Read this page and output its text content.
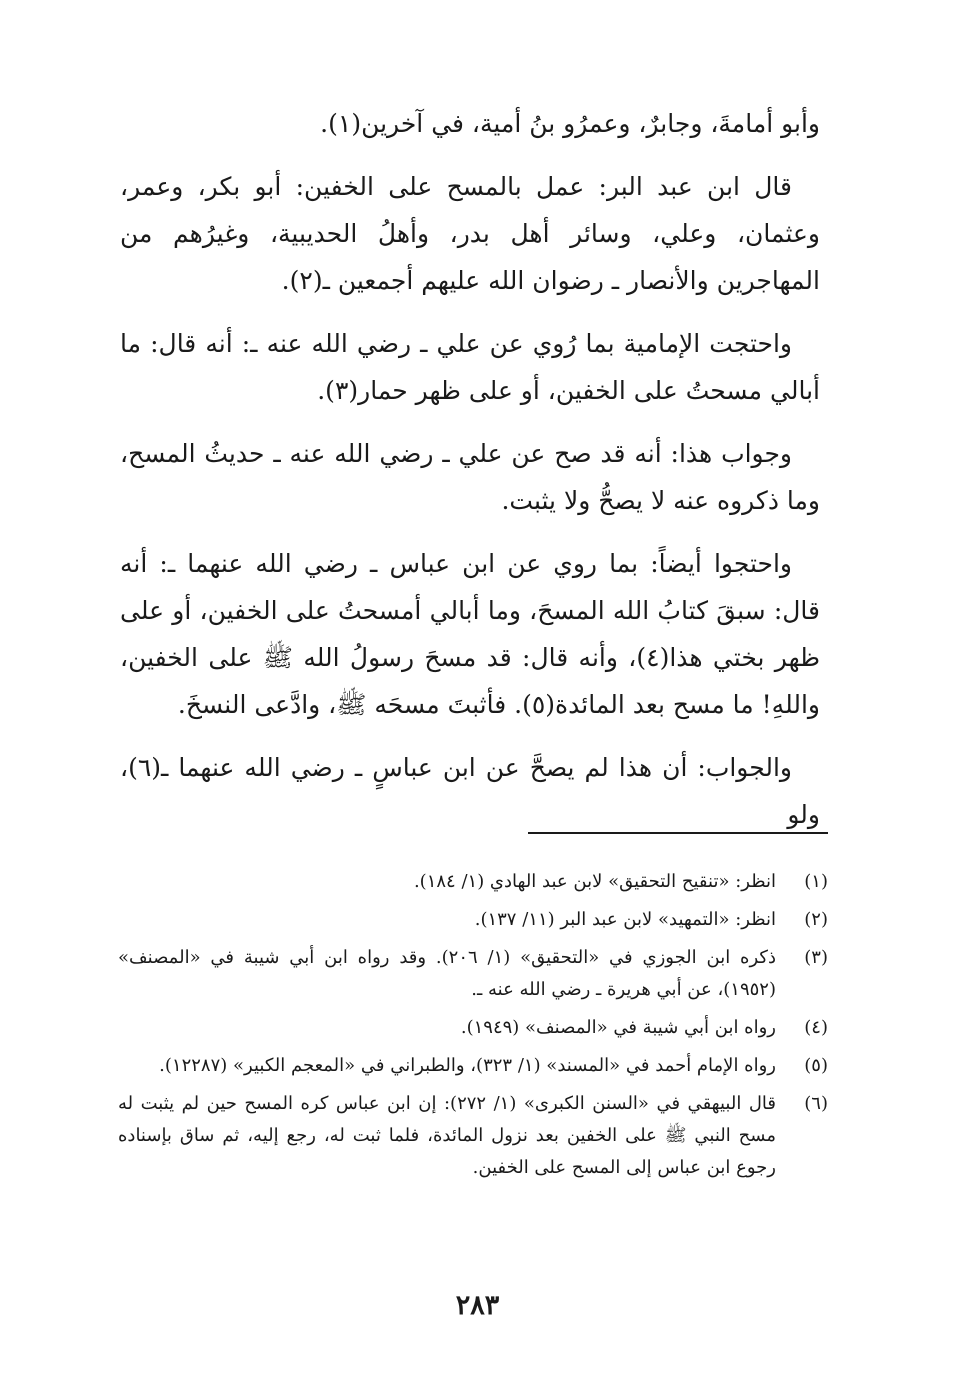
وأبو أمامةَ، وجابرٌ، وعمرُو بنُ أمية، في آخرين(١).

قال ابن عبد البر: عمل بالمسح على الخفين: أبو بكر، وعمر، وعثمان، وعلي، وسائر أهل بدر، وأهلُ الحديبية، وغيرُهم من المهاجرين والأنصار ـ رضوان الله عليهم أجمعين ـ(٢).

واحتجت الإمامية بما رُوي عن علي ـ رضي الله عنه ـ: أنه قال: ما أبالي مسحتُ على الخفين، أو على ظهر حمار(٣).

وجواب هذا: أنه قد صح عن علي ـ رضي الله عنه ـ حديثُ المسح، وما ذكروه عنه لا يصحُّ ولا يثبت.

واحتجوا أيضاً: بما روي عن ابن عباس ـ رضي الله عنهما ـ: أنه قال: سبقَ كتابُ الله المسحَ، وما أبالي أمسحتُ على الخفين، أو على ظهر بختي هذا(٤)، وأنه قال: قد مسحَ رسولُ الله ﷺ على الخفين، واللهِ! ما مسح بعد المائدة(٥). فأثبتَ مسحَه ﷺ، وادَّعى النسخَ.

والجواب: أن هذا لم يصحَّ عن ابن عباسٍ ـ رضي الله عنهما ـ(٦)، ولو

(١)
انظر: «تنقيح التحقيق» لابن عبد الهادي (١/ ١٨٤).
(٢)
انظر: «التمهيد» لابن عبد البر (١١/ ١٣٧).
(٣)
ذكره ابن الجوزي في «التحقيق» (١/ ٢٠٦). وقد رواه ابن أبي شيبة في «المصنف» (١٩٥٢)، عن أبي هريرة ـ رضي الله عنه ـ.
(٤)
رواه ابن أبي شيبة في «المصنف» (١٩٤٩).
(٥)
رواه الإمام أحمد في «المسند» (١/ ٣٢٣)، والطبراني في «المعجم الكبير» (١٢٢٨٧).
(٦)
قال البيهقي في «السنن الكبرى» (١/ ٢٧٢): إن ابن عباس كره المسح حين لم يثبت له مسح النبي ﷺ على الخفين بعد نزول المائدة، فلما ثبت له، رجع إليه، ثم ساق بإسناده رجوع ابن عباس إلى المسح على الخفين.
٢٨٣
